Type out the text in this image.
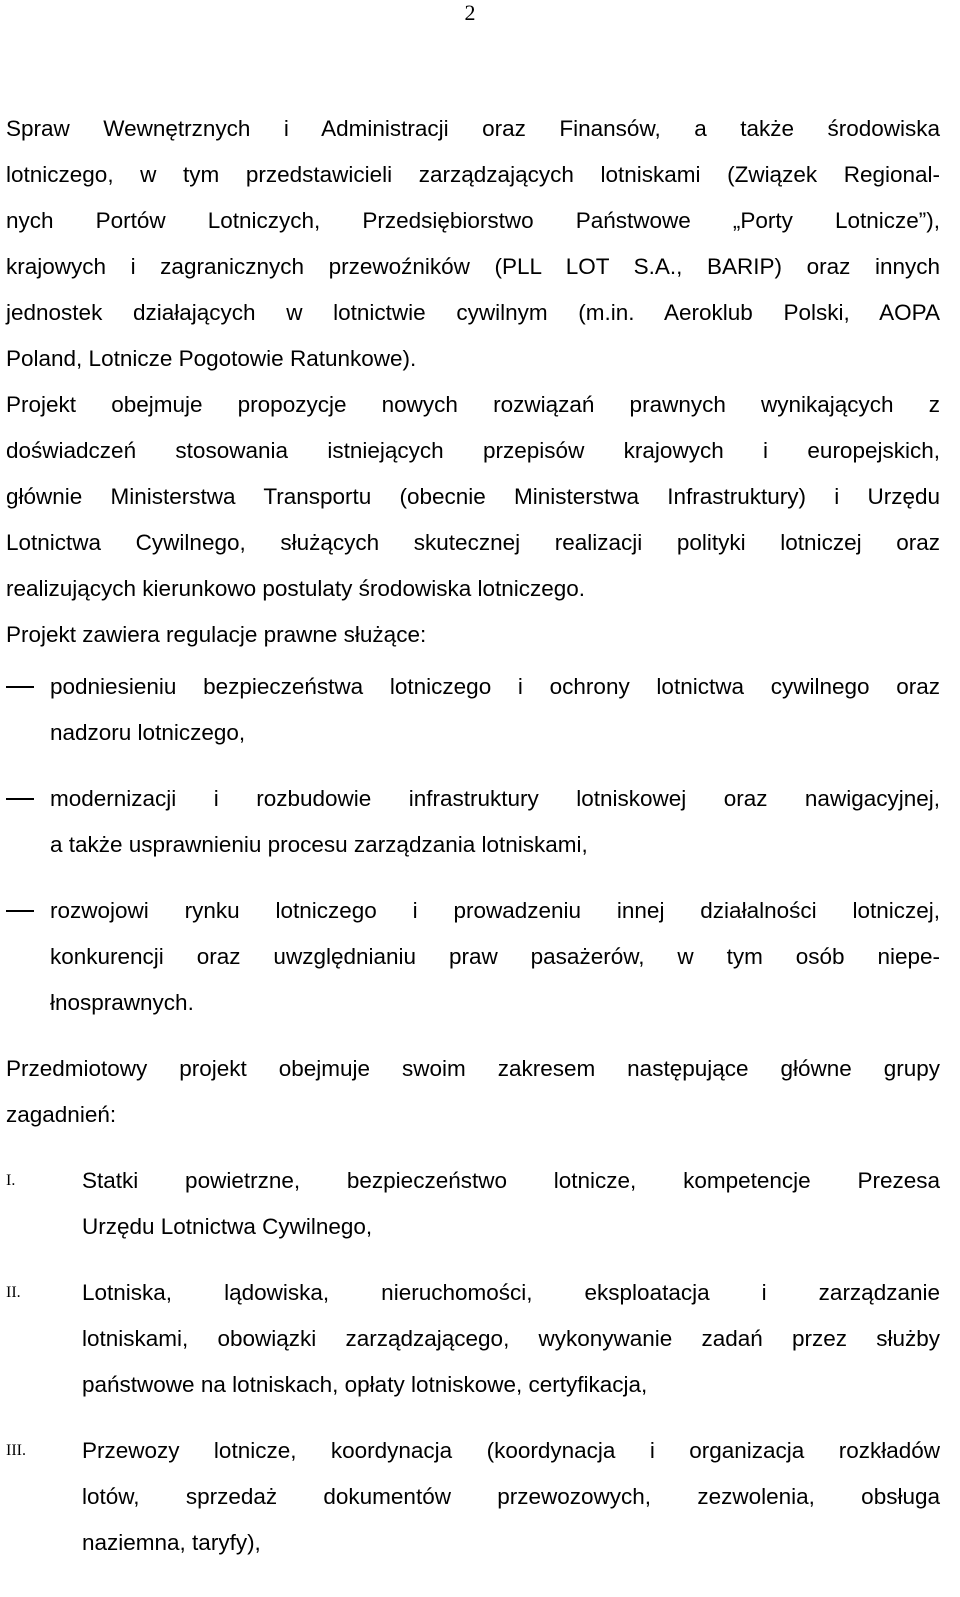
2
Spraw Wewnętrznych i Administracji oraz Finansów, a także środowiska
lotniczego, w tym przedstawicieli zarządzających lotniskami (Związek Regional-
nych Portów Lotniczych, Przedsiębiorstwo Państwowe „Porty Lotnicze”),
krajowych i zagranicznych przewoźników (PLL LOT S.A., BARIP) oraz innych
jednostek działających w lotnictwie cywilnym (m.in. Aeroklub Polski, AOPA
Poland, Lotnicze Pogotowie Ratunkowe).
Projekt obejmuje propozycje nowych rozwiązań prawnych wynikających z
doświadczeń stosowania istniejących przepisów krajowych i europejskich,
głównie Ministerstwa Transportu (obecnie Ministerstwa Infrastruktury) i Urzędu
Lotnictwa Cywilnego, służących skutecznej realizacji polityki lotniczej oraz
realizujących kierunkowo postulaty środowiska lotniczego.
Projekt zawiera regulacje prawne służące:
podniesieniu bezpieczeństwa lotniczego i ochrony lotnictwa cywilnego oraz
nadzoru lotniczego,
modernizacji i rozbudowie infrastruktury lotniskowej oraz nawigacyjnej,
a także usprawnieniu procesu zarządzania lotniskami,
rozwojowi rynku lotniczego i prowadzeniu innej działalności lotniczej,
konkurencji oraz uwzględnianiu praw pasażerów, w tym osób niepe-
łnosprawnych.
Przedmiotowy projekt obejmuje swoim zakresem następujące główne grupy
zagadnień:
I.	Statki powietrzne, bezpieczeństwo lotnicze, kompetencje Prezesa
Urzędu Lotnictwa Cywilnego,
II.	Lotniska, lądowiska, nieruchomości, eksploatacja i zarządzanie
lotniskami, obowiązki zarządzającego, wykonywanie zadań przez służby
państwowe na lotniskach, opłaty lotniskowe, certyfikacja,
III. Przewozy lotnicze, koordynacja (koordynacja i organizacja rozkładów
lotów, sprzedaż dokumentów przewozowych, zezwolenia, obsługa
naziemna, taryfy),
